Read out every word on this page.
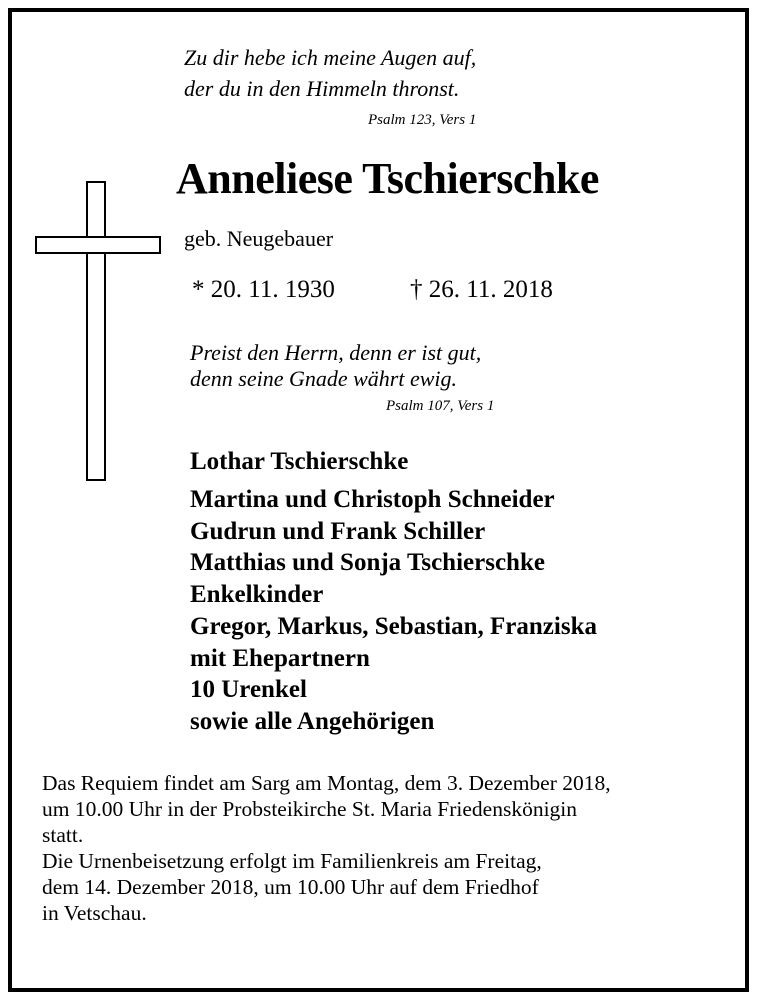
Zu dir hebe ich meine Augen auf,
der du in den Himmeln thronst.
Psalm 123, Vers 1
Anneliese Tschierschke
geb. Neugebauer
* 20. 11. 1930	† 26. 11. 2018
Preist den Herrn, denn er ist gut,
denn seine Gnade währt ewig.
Psalm 107, Vers 1
Lothar Tschierschke
Martina und Christoph Schneider
Gudrun und Frank Schiller
Matthias und Sonja Tschierschke
Enkelkinder
Gregor, Markus, Sebastian, Franziska
mit Ehepartnern
10 Urenkel
sowie alle Angehörigen
Das Requiem findet am Sarg am Montag, dem 3. Dezember 2018,
um 10.00 Uhr in der Probsteikirche St. Maria Friedenskönigin
statt.
Die Urnenbeisetzung erfolgt im Familienkreis am Freitag,
dem 14. Dezember 2018, um 10.00 Uhr auf dem Friedhof
in Vetschau.
